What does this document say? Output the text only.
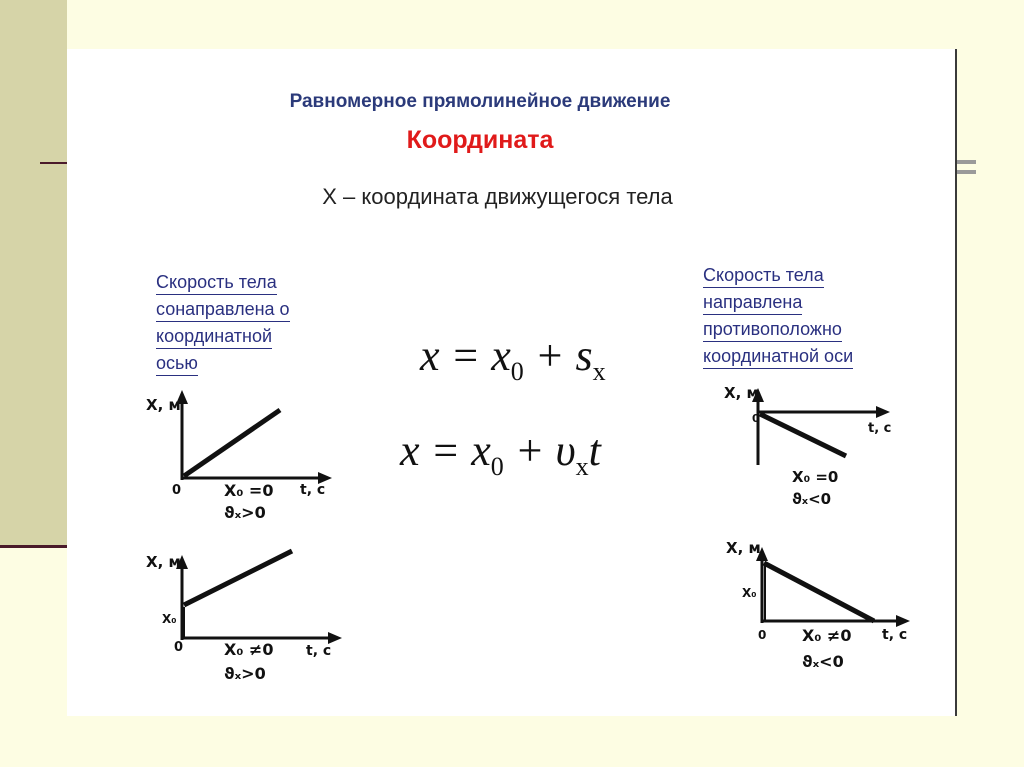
Равномерное прямолинейное движение
Координата
X – координата движущегося тела
Скорость тела
сонаправлена о
координатной
осью
Скорость тела
направлена
противоположно
координатной оси
$x = x_0 + s_x$
$x = x_0 + \upsilon_xt$
X, м
t, c
0	X₀ =0
ϑₓ>0
X, м
X₀
t, c
0	X₀ ≠0
ϑₓ>0
X, м
0
t, c
X₀ =0
ϑₓ<0
X, м
X₀
0	t, c
X₀ ≠0
ϑₓ<0
